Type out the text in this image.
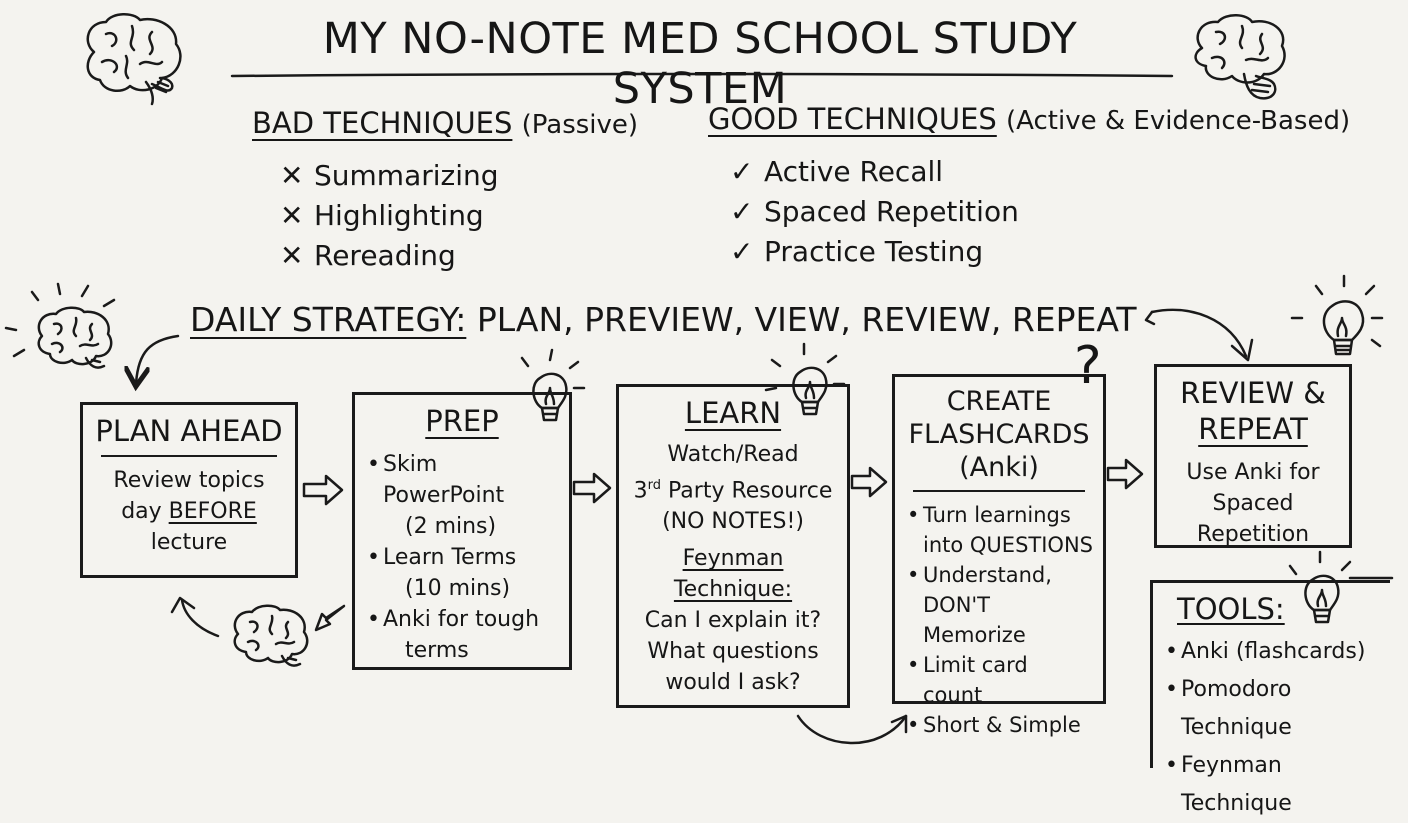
MY NO-NOTE MED SCHOOL STUDY SYSTEM
BAD TECHNIQUES (Passive)
✕ Summarizing
✕ Highlighting
✕ Rereading
GOOD TECHNIQUES (Active & Evidence-Based)
✓ Active Recall
✓ Spaced Repetition
✓ Practice Testing
DAILY STRATEGY: PLAN, PREVIEW, VIEW, REVIEW, REPEAT
PLAN AHEAD
Review topics
day BEFORE
lecture
PREP
• Skim PowerPoint
(2 mins)
• Learn Terms
(10 mins)
• Anki for tough
terms
LEARN
Watch/Read
3rd Party Resource
(NO NOTES!)
Feynman Technique:
Can I explain it?
What questions
would I ask?
CREATE
FLASHCARDS
(Anki)
• Turn learnings
into QUESTIONS
• Understand,
DON'T Memorize
• Limit card count
• Short & Simple
?	REVIEW &
REPEAT
Use Anki for
Spaced Repetition
TOOLS:
• Anki (flashcards)
• Pomodoro Technique
• Feynman Technique
